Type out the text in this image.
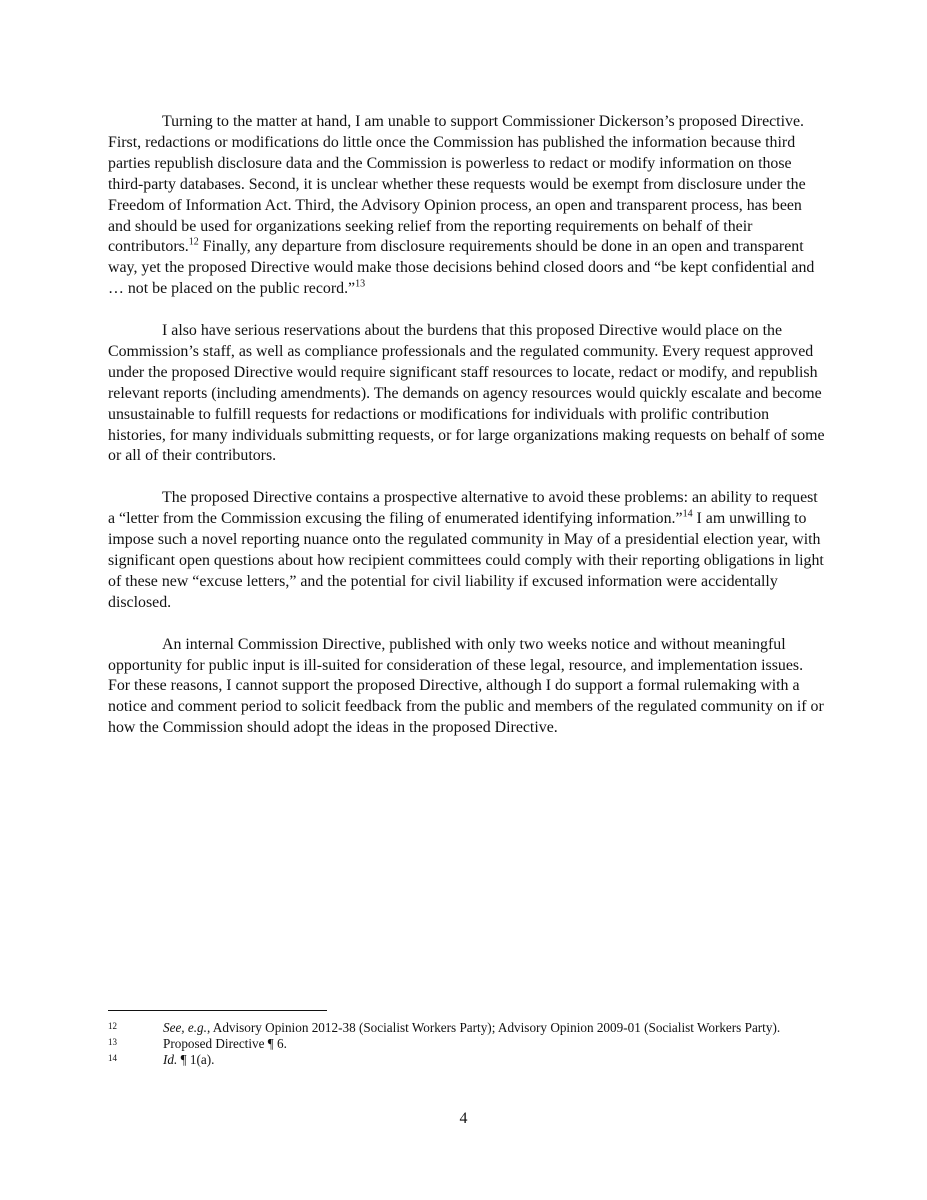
Turning to the matter at hand, I am unable to support Commissioner Dickerson’s proposed Directive. First, redactions or modifications do little once the Commission has published the information because third parties republish disclosure data and the Commission is powerless to redact or modify information on those third-party databases. Second, it is unclear whether these requests would be exempt from disclosure under the Freedom of Information Act. Third, the Advisory Opinion process, an open and transparent process, has been and should be used for organizations seeking relief from the reporting requirements on behalf of their contributors.$^{12}$ Finally, any departure from disclosure requirements should be done in an open and transparent way, yet the proposed Directive would make those decisions behind closed doors and “be kept confidential and … not be placed on the public record.”$^{13}$

I also have serious reservations about the burdens that this proposed Directive would place on the Commission’s staff, as well as compliance professionals and the regulated community. Every request approved under the proposed Directive would require significant staff resources to locate, redact or modify, and republish relevant reports (including amendments). The demands on agency resources would quickly escalate and become unsustainable to fulfill requests for redactions or modifications for individuals with prolific contribution histories, for many individuals submitting requests, or for large organizations making requests on behalf of some or all of their contributors.

The proposed Directive contains a prospective alternative to avoid these problems: an ability to request a “letter from the Commission excusing the filing of enumerated identifying information.”$^{14}$ I am unwilling to impose such a novel reporting nuance onto the regulated community in May of a presidential election year, with significant open questions about how recipient committees could comply with their reporting obligations in light of these new “excuse letters,” and the potential for civil liability if excused information were accidentally disclosed.

An internal Commission Directive, published with only two weeks notice and without meaningful opportunity for public input is ill-suited for consideration of these legal, resource, and implementation issues. For these reasons, I cannot support the proposed Directive, although I do support a formal rulemaking with a notice and comment period to solicit feedback from the public and members of the regulated community on if or how the Commission should adopt the ideas in the proposed Directive.

12	See, e.g., Advisory Opinion 2012-38 (Socialist Workers Party); Advisory Opinion 2009-01 (Socialist Workers Party).
13	Proposed Directive ¶ 6.
14	Id. ¶ 1(a).
4
